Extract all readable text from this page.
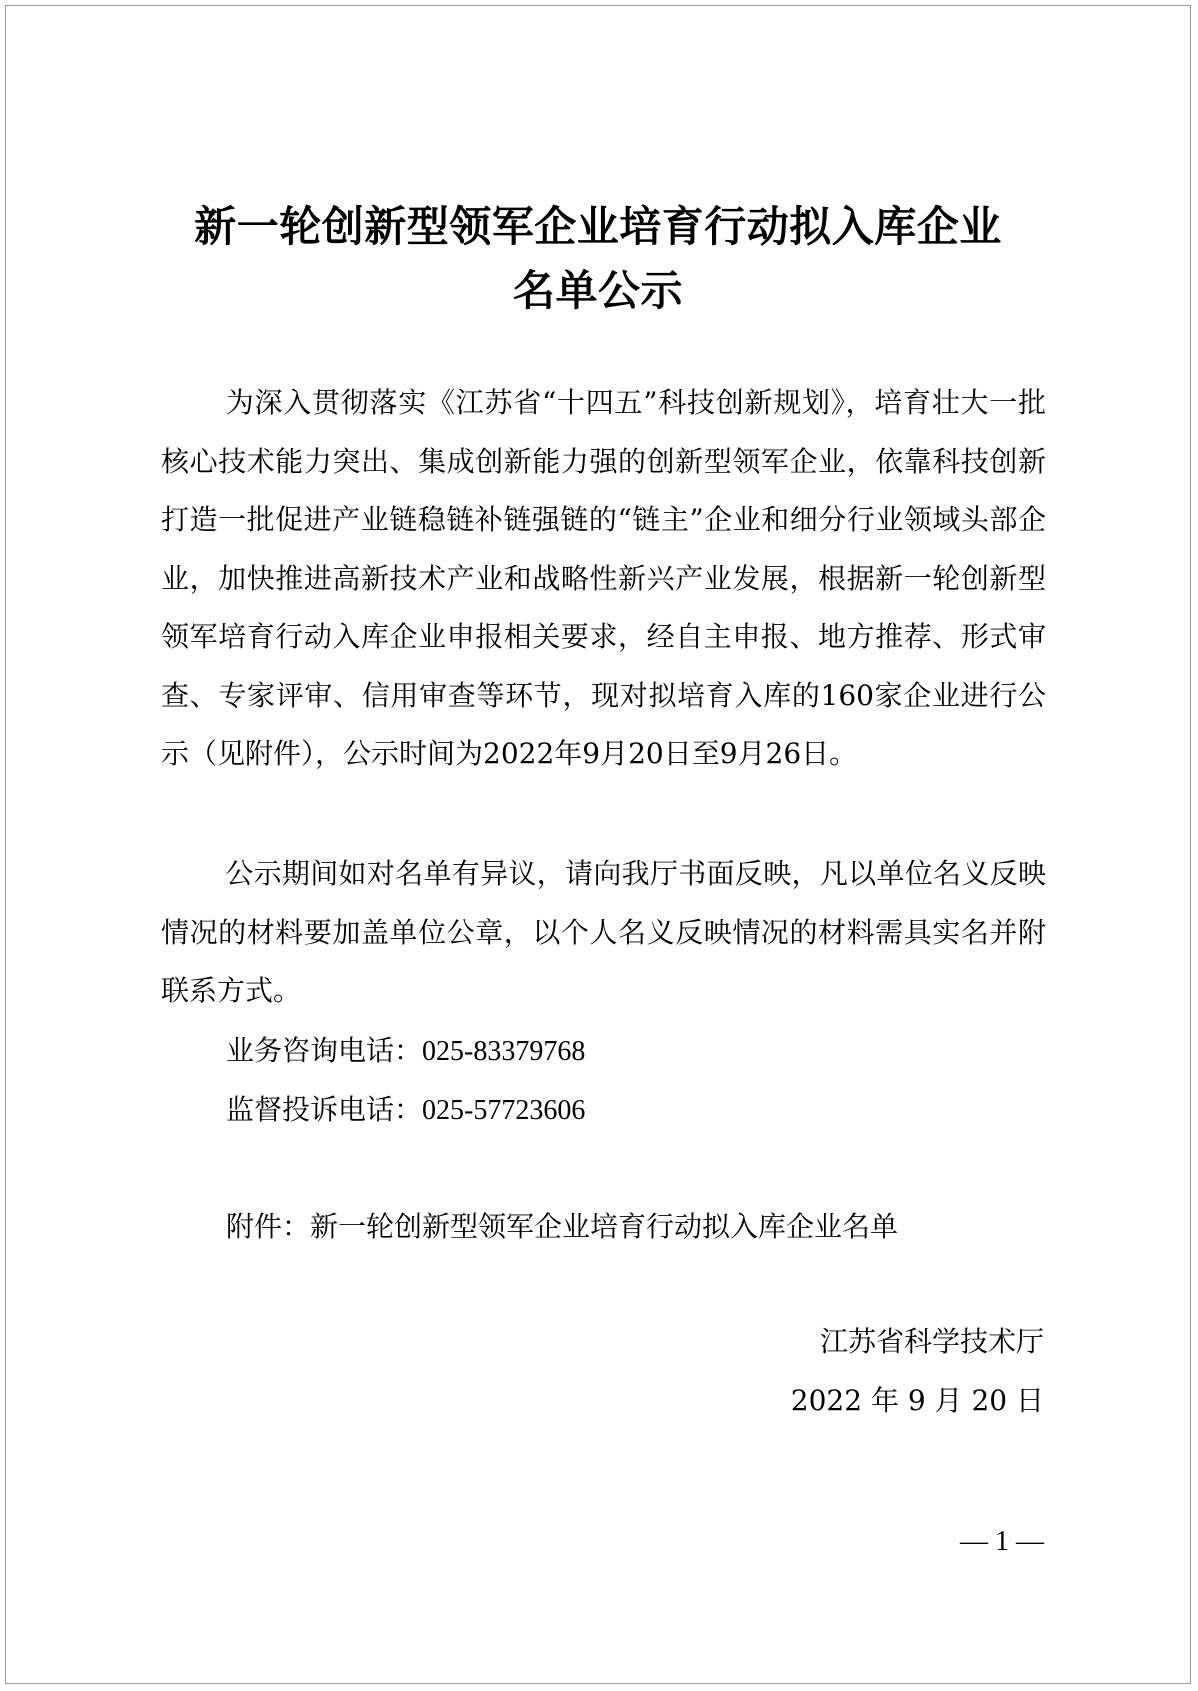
新一轮创新型领军企业培育行动拟入库企业
名单公示
为深入贯彻落实《江苏省“十四五”科技创新规划》，培育壮大一批核心技术能力突出、集成创新能力强的创新型领军企业，依靠科技创新打造一批促进产业链稳链补链强链的“链主”企业和细分行业领域头部企业，加快推进高新技术产业和战略性新兴产业发展，根据新一轮创新型领军培育行动入库企业申报相关要求，经自主申报、地方推荐、形式审查、专家评审、信用审查等环节，现对拟培育入库的160家企业进行公示（见附件），公示时间为2022年9月20日至9月26日。
公示期间如对名单有异议，请向我厅书面反映，凡以单位名义反映情况的材料要加盖单位公章，以个人名义反映情况的材料需具实名并附联系方式。
业务咨询电话：025-83379768
监督投诉电话：025-57723606
附件：新一轮创新型领军企业培育行动拟入库企业名单
江苏省科学技术厅
2022 年 9 月 20 日
— 1 —
